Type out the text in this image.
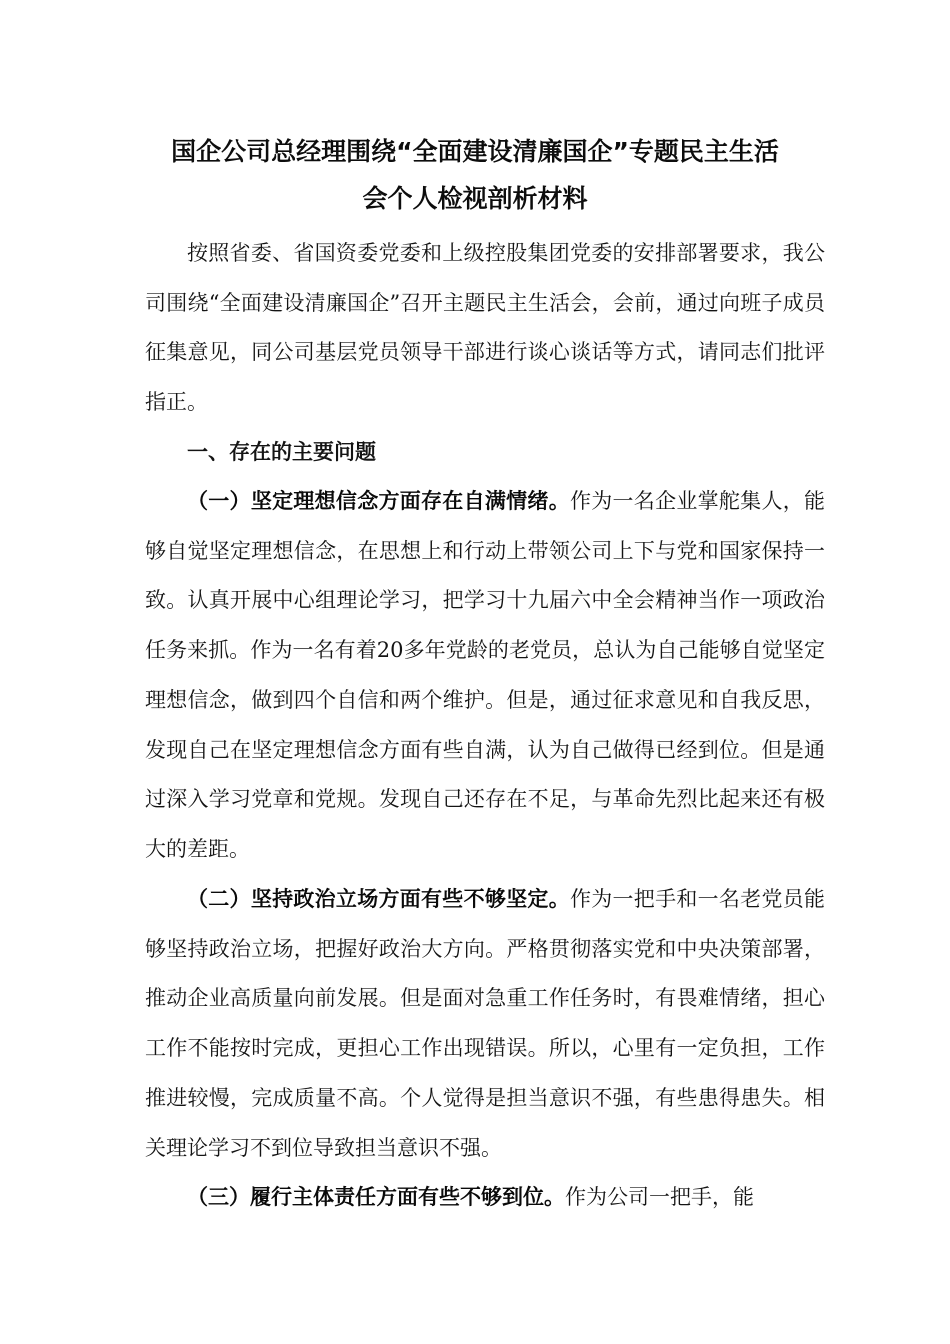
国企公司总经理围绕“全面建设清廉国企”专题民主生活
会个人检视剖析材料

按照省委、省国资委党委和上级控股集团党委的安排部署要求，我公司围绕“全面建设清廉国企”召开主题民主生活会，会前，通过向班子成员征集意见，同公司基层党员领导干部进行谈心谈话等方式，请同志们批评指正。

一、存在的主要问题

（一）坚定理想信念方面存在自满情绪。作为一名企业掌舵集人，能够自觉坚定理想信念，在思想上和行动上带领公司上下与党和国家保持一致。认真开展中心组理论学习，把学习十九届六中全会精神当作一项政治任务来抓。作为一名有着20多年党龄的老党员，总认为自己能够自觉坚定理想信念，做到四个自信和两个维护。但是，通过征求意见和自我反思，发现自己在坚定理想信念方面有些自满，认为自己做得已经到位。但是通过深入学习党章和党规。发现自己还存在不足，与革命先烈比起来还有极大的差距。

（二）坚持政治立场方面有些不够坚定。作为一把手和一名老党员能够坚持政治立场，把握好政治大方向。严格贯彻落实党和中央决策部署，推动企业高质量向前发展。但是面对急重工作任务时，有畏难情绪，担心工作不能按时完成，更担心工作出现错误。所以，心里有一定负担，工作推进较慢，完成质量不高。个人觉得是担当意识不强，有些患得患失。相关理论学习不到位导致担当意识不强。

（三）履行主体责任方面有些不够到位。作为公司一把手，能
